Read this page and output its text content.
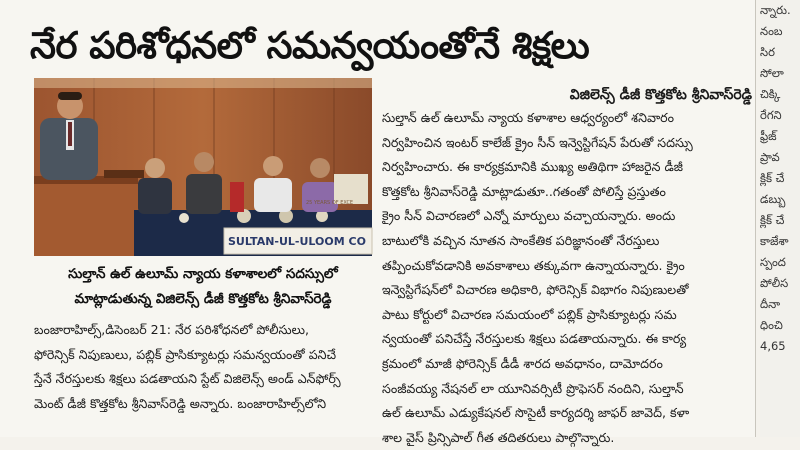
నేర పరిశోధనలో సమన్వయంతోనే శిక్షలు
SULTAN-UL-ULOOM CO
25 YEARS OF EXCE
సుల్తాన్ ఉల్ ఉలూమ్ న్యాయ కళాశాలలో సదస్సులో
మాట్లాడుతున్న విజిలెన్స్ డీజీ కొత్తకోట శ్రీనివాస్‌రెడ్డి
విజిలెన్స్ డీజీ కొత్తకోట శ్రీనివాస్‌రెడ్డి
సుల్తాన్ ఉల్ ఉలూమ్ న్యాయ కళాశాల ఆధ్వర్యంలో శనివారం
నిర్వహించిన ఇంటర్ కాలేజ్ క్రైం సీన్ ఇన్వెస్టిగేషన్ పేరుతో సదస్సు
నిర్వహించారు. ఈ కార్యక్రమానికి ముఖ్య అతిథిగా హాజరైన డీజీ
కొత్తకోట శ్రీనివాస్‌రెడ్డి మాట్లాడుతూ..గతంతో పోలిస్తే ప్రస్తుతం
క్రైం సీన్ విచారణలో ఎన్నో మార్పులు వచ్చాయన్నారు. అందు
బాటులోకి వచ్చిన నూతన సాంకేతిక పరిజ్ఞానంతో నేరస్తులు
తప్పించుకోవడానికి అవకాశాలు తక్కువగా ఉన్నాయన్నారు. క్రైం
ఇన్వెస్టిగేషన్‌లో విచారణ అధికారి, ఫోరెన్సిక్ విభాగం నిపుణులతో
పాటు కోర్టులో విచారణ సమయంలో పబ్లిక్ ప్రాసిక్యూటర్లు సమ
న్వయంతో పనిచేస్తే నేరస్తులకు శిక్షలు పడతాయన్నారు. ఈ కార్య
క్రమంలో మాజీ ఫోరెన్సిక్ డీడీ శారద అవధానం, దామోదరం
సంజీవయ్య నేషనల్ లా యూనివర్సిటీ ప్రొఫెసర్ నందిని, సుల్తాన్
ఉల్ ఉలూమ్ ఎడ్యుకేషనల్ సొసైటీ కార్యదర్శి జాఫర్ జావెద్, కళా
శాల వైస్ ప్రిన్సిపాల్ గీత తదితరులు పాల్గొన్నారు.
బంజారాహిల్స్,డిసెంబర్ 21: నేర పరిశోధనలో పోలీసులు,
ఫోరెన్సిక్ నిపుణులు, పబ్లిక్ ప్రాసిక్యూటర్లు సమన్వయంతో పనిచే
స్తేనే నేరస్తులకు శిక్షలు పడతాయని స్టేట్ విజిలెన్స్ అండ్ ఎన్‌ఫోర్స్
మెంట్ డీజీ కొత్తకోట శ్రీనివాస్‌రెడ్డి అన్నారు. బంజారాహిల్స్‌లోని
న్నారు.
నంబ
సిర
సోలా
చిక్కి
రేగని
ఫ్రీజ్
ప్రావ
క్లిక్ చే
డబ్బు
క్లిక్ చే
కాజేశా
స్పంద
పోలీస
దీనా
ధించి
4,65
